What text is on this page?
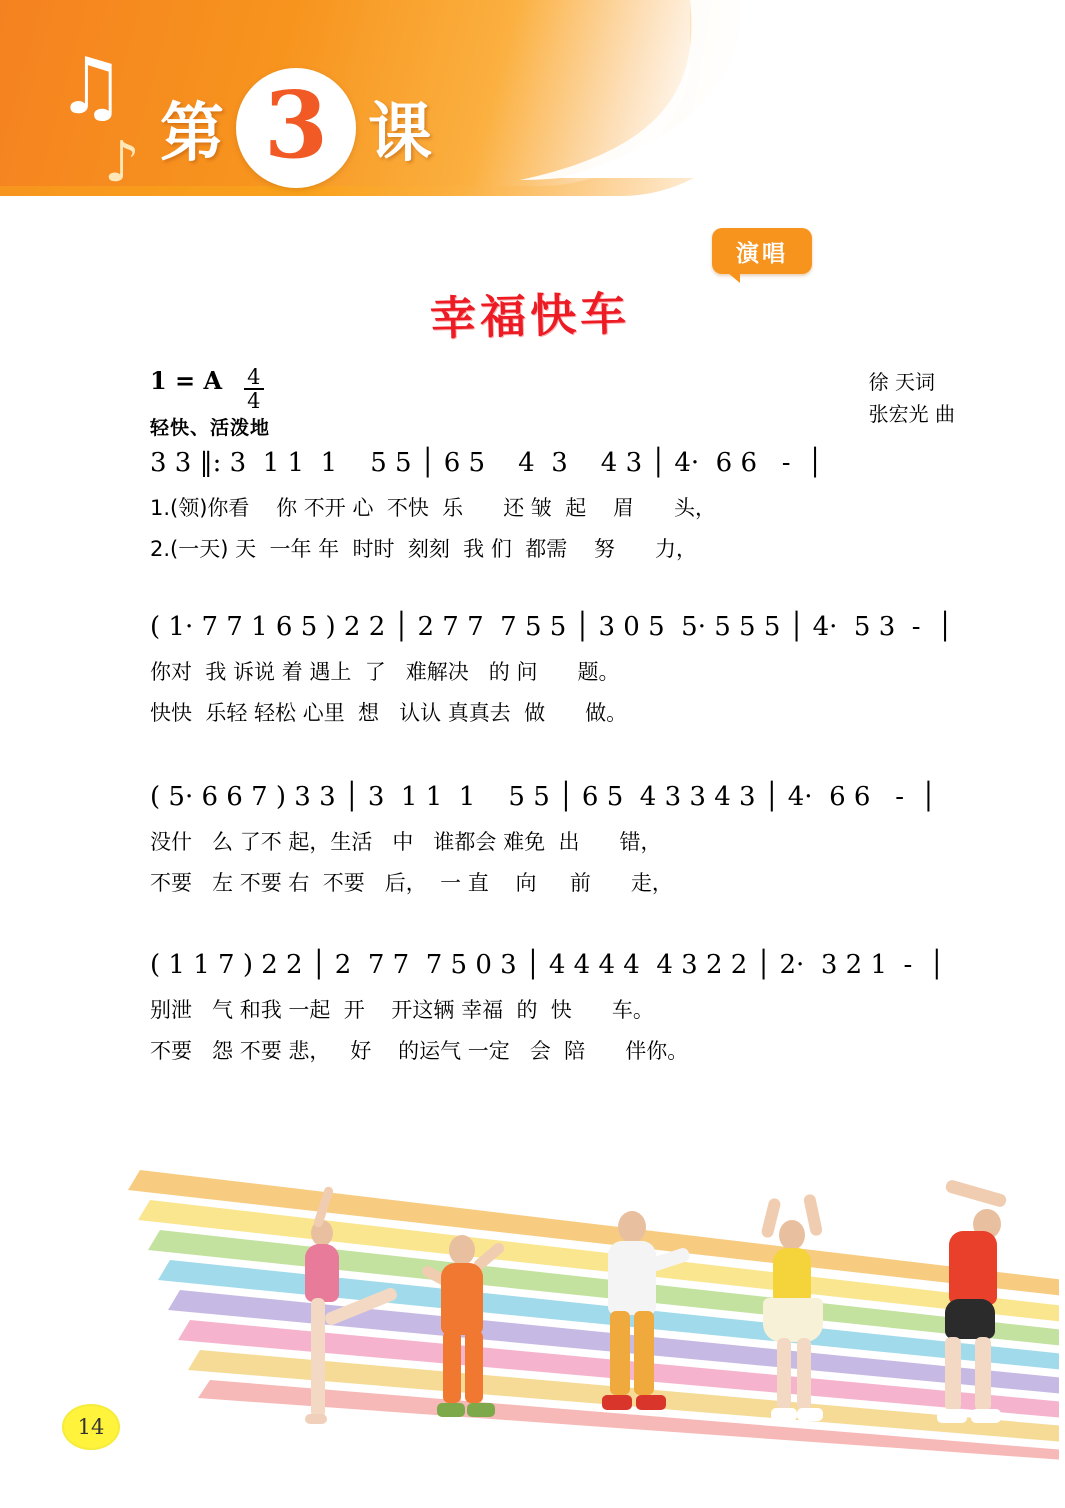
♫
♪ 第 3 课
演唱
幸福快车
1 = A $\frac{4}{4}$
轻快、活泼地
徐 天词
张宏光 曲
3 3 ‖: 3  1 1  1    5 5 │ 6 5    4  3    4 3 │ 4·  6 6   -  │
1.(领)你看    你 不开 心  不快  乐      还 皱  起    眉      头，
2.(一天) 天  一年 年  时时  刻刻  我 们  都需    努      力，
( 1· 7 7 1 6 5 ) 2 2 │ 2 7 7  7 5 5 │ 3 0 5  5· 5 5 5 │ 4·  5 3  -  │
你对  我 诉说 着 遇上  了   难解决   的 问      题。
快快  乐轻 轻松 心里  想   认认 真真去  做      做。
( 5· 6 6 7 ) 3 3 │ 3  1 1  1    5 5 │ 6 5  4 3 3 4 3 │ 4·  6 6   -  │
没什   么 了不 起，生活   中   谁都会 难免  出      错，
不要   左 不要 右  不要   后，  一 直    向     前      走，
( 1 1 7 ) 2 2 │ 2  7 7  7 5 0 3 │ 4 4 4 4  4 3 2 2 │ 2·  3 2 1  -  │
别泄   气 和我 一起  开    开这辆 幸福  的  快      车。
不要   怨 不要 悲，   好    的运气 一定   会  陪      伴你。
14
